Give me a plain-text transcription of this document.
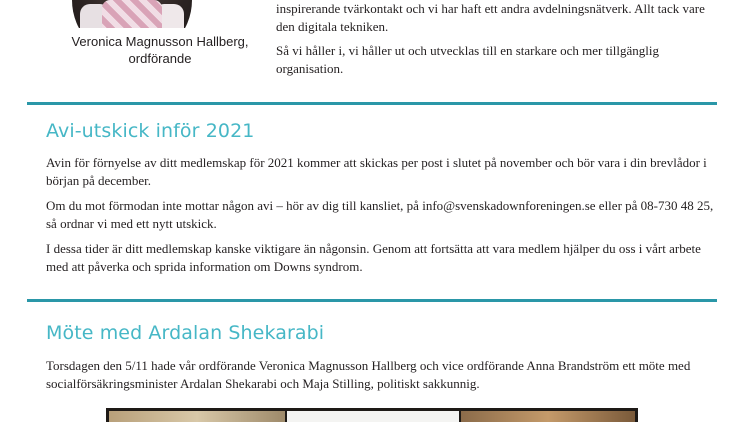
Veronica Magnusson Hallberg,
ordförande

inspirerande tvärkontakt och vi har haft ett andra avdelningsnätverk. Allt tack vare den digitala tekniken.

Så vi håller i, vi håller ut och utvecklas till en starkare och mer tillgänglig organisation.

Avi-utskick inför 2021

Avin för förnyelse av ditt medlemskap för 2021 kommer att skickas per post i slutet på november och bör vara i din brevlådor i början på december.

Om du mot förmodan inte mottar någon avi – hör av dig till kansliet, på info@svenskadownforeningen.se eller på 08-730 48 25, så ordnar vi med ett nytt utskick.

I dessa tider är ditt medlemskap kanske viktigare än någonsin. Genom att fortsätta att vara medlem hjälper du oss i vårt arbete med att påverka och sprida information om Downs syndrom.

Möte med Ardalan Shekarabi

Torsdagen den 5/11 hade vår ordförande Veronica Magnusson Hallberg och vice ordförande Anna Brandström ett möte med socialförsäkringsminister Ardalan Shekarabi och Maja Stilling, politiskt sakkunnig.
